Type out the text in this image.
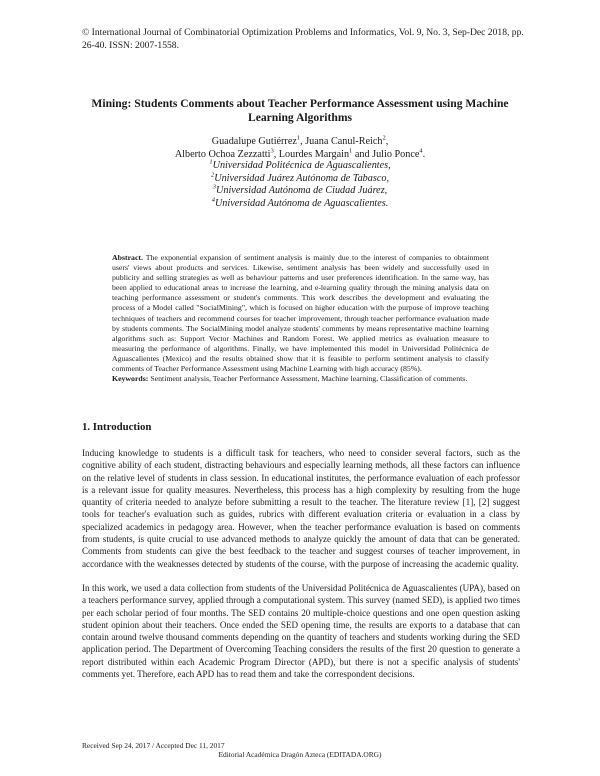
© International Journal of Combinatorial Optimization Problems and Informatics, Vol. 9, No. 3, Sep-Dec 2018, pp. 26-40. ISSN: 2007-1558.
Mining: Students Comments about Teacher Performance Assessment using Machine Learning Algorithms
Guadalupe Gutiérrez$^1$, Juana Canul-Reich$^2$,
Alberto Ochoa Zezzatti$^3$, Lourdes Margain$^1$ and Julio Ponce$^4$.
$^1$Universidad Politécnica de Aguascalientes,
$^2$Universidad Juárez Autónoma de Tabasco,
$^3$Universidad Autónoma de Ciudad Juárez,
$^4$Universidad Autónoma de Aguascalientes.
Abstract. The exponential expansion of sentiment analysis is mainly due to the interest of companies to obtainment users' views about products and services. Likewise, sentiment analysis has been widely and successfully used in publicity and selling strategies as well as behaviour patterns and user preferences identification. In the same way, has been applied to educational areas to increase the learning, and e-learning quality through the mining analysis data on teaching performance assessment or student's comments. This work describes the development and evaluating the process of a Model called "SocialMining", which is focused on higher education with the purpose of improve teaching techniques of teachers and recommend courses for teacher improvement, through teacher performance evaluation made by students comments. The SocialMining model analyze students' comments by means representative machine learning algorithms such as: Support Vector Machines and Random Forest. We applied metrics as evaluation measure to measuring the performance of algorithms. Finally, we have implemented this model in Universidad Politécnica de Aguascalientes (Mexico) and the results obtained show that it is feasible to perform sentiment analysis to classify comments of Teacher Performance Assessment using Machine Learning with high accuracy (85%).
Keywords: Sentiment analysis, Teacher Performance Assessment, Machine learning, Classification of comments.
1. Introduction

Inducing knowledge to students is a difficult task for teachers, who need to consider several factors, such as the cognitive ability of each student, distracting behaviours and especially learning methods, all these factors can influence on the relative level of students in class session. In educational institutes, the performance evaluation of each professor is a relevant issue for quality measures. Nevertheless, this process has a high complexity by resulting from the huge quantity of criteria needed to analyze before submitting a result to the teacher. The literature review [1], [2] suggest tools for teacher's evaluation such as guides, rubrics with different evaluation criteria or evaluation in a class by specialized academics in pedagogy area. However, when the teacher performance evaluation is based on comments from students, is quite crucial to use advanced methods to analyze quickly the amount of data that can be generated. Comments from students can give the best feedback to the teacher and suggest courses of teacher improvement, in accordance with the weaknesses detected by students of the course, with the purpose of increasing the academic quality.

In this work, we used a data collection from students of the Universidad Politécnica de Aguascalientes (UPA), based on a teachers performance survey, applied through a computational system. This survey (named SED), is applied two times per each scholar period of four months. The SED contains 20 multiple-choice questions and one open question asking student opinion about their teachers. Once ended the SED opening time, the results are exports to a database that can contain around twelve thousand comments depending on the quantity of teachers and students working during the SED application period. The Department of Overcoming Teaching considers the results of the first 20 question to generate a report distributed within each Academic Program Director (APD), but there is not a specific analysis of students' comments yet. Therefore, each APD has to read them and take the correspondent decisions.

Received Sep 24, 2017 / Accepted Dec 11, 2017
Editorial Académica Dragón Azteca (EDITADA.ORG)
